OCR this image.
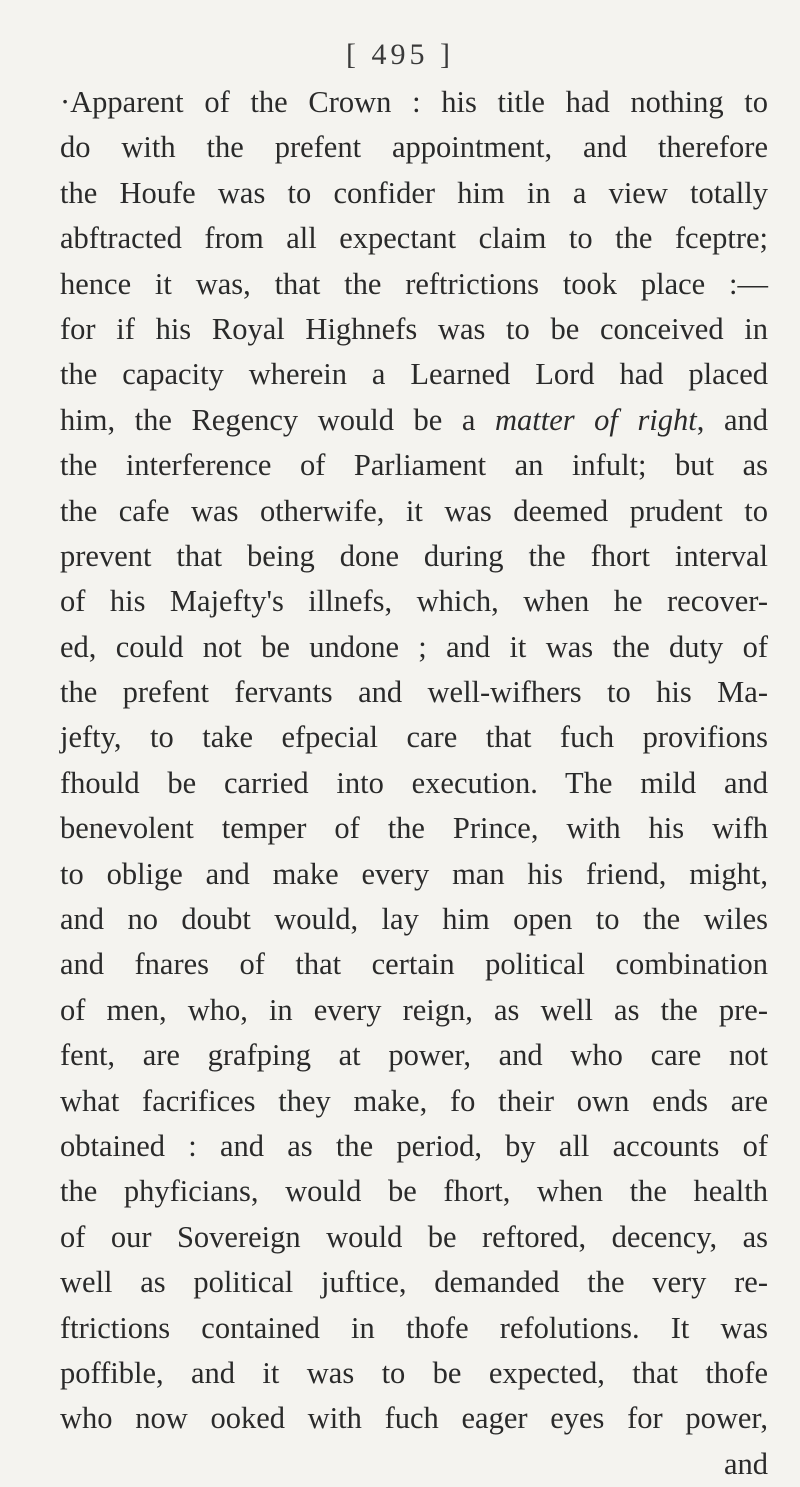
[ 495 ]
·Apparent of the Crown : his title had nothing to
do with the prefent appointment, and therefore
the Houfe was to confider him in a view totally
abftracted from all expectant claim to the fceptre;
hence it was, that the reftrictions took place :—
for if his Royal Highnefs was to be conceived in
the capacity wherein a Learned Lord had placed
him, the Regency would be a matter of right, and
the interference of Parliament an infult; but as
the cafe was otherwife, it was deemed prudent to
prevent that being done during the fhort interval
of his Majefty's illnefs, which, when he recover-
ed, could not be undone ; and it was the duty of
the prefent fervants and well-wifhers to his Ma-
jefty, to take efpecial care that fuch provifions
fhould be carried into execution. The mild and
benevolent temper of the Prince, with his wifh
to oblige and make every man his friend, might,
and no doubt would, lay him open to the wiles
and fnares of that certain political combination
of men, who, in every reign, as well as the pre-
fent, are grafping at power, and who care not
what facrifices they make, fo their own ends are
obtained : and as the period, by all accounts of
the phyficians, would be fhort, when the health
of our Sovereign would be reftored, decency, as
well as political juftice, demanded the very re-
ftrictions contained in thofe refolutions. It was
poffible, and it was to be expected, that thofe
who now ooked with fuch eager eyes for power,
and
